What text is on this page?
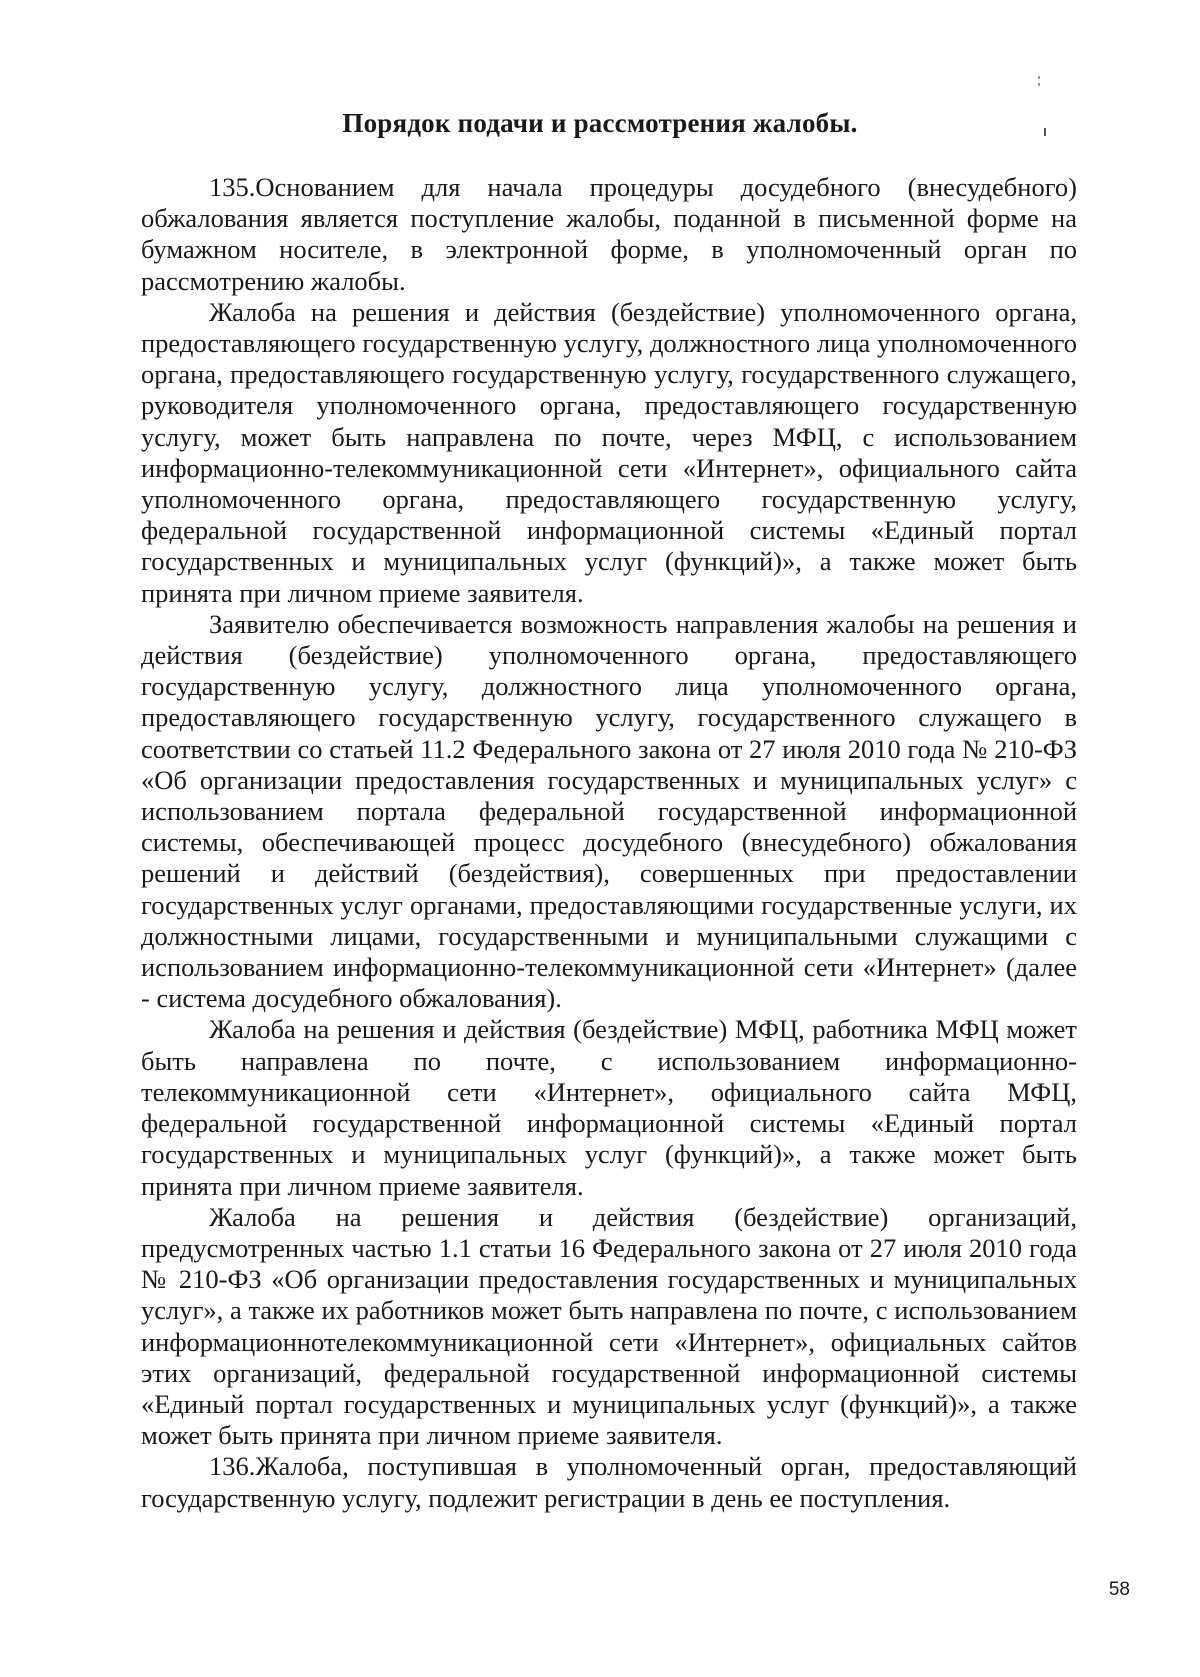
Порядок подачи и рассмотрения жалобы.

135.Основанием для начала процедуры досудебного (внесудебного) обжалования является поступление жалобы, поданной в письменной форме на бумажном носителе, в электронной форме, в уполномоченный орган по рассмотрению жалобы.

Жалоба на решения и действия (бездействие) уполномоченного органа, предоставляющего государственную услугу, должностного лица уполномоченного органа, предоставляющего государственную услугу, государственного служащего, руководителя уполномоченного органа, предоставляющего государственную услугу, может быть направлена по почте, через МФЦ, с использованием информационно-телекоммуникационной сети «Интернет», официального сайта уполномоченного органа, предоставляющего государственную услугу, федеральной государственной информационной системы «Единый портал государственных и муниципальных услуг (функций)», а также может быть принята при личном приеме заявителя.

Заявителю обеспечивается возможность направления жалобы на решения и действия (бездействие) уполномоченного органа, предоставляющего государственную услугу, должностного лица уполномоченного органа, предоставляющего государственную услугу, государственного служащего в соответствии со статьей 11.2 Федерального закона от 27 июля 2010 года № 210-ФЗ «Об организации предоставления государственных и муниципальных услуг» с использованием портала федеральной государственной информационной системы, обеспечивающей процесс досудебного (внесудебного) обжалования решений и действий (бездействия), совершенных при предоставлении государственных услуг органами, предоставляющими государственные услуги, их должностными лицами, государственными и муниципальными служащими с использованием информационно-телекоммуникационной сети «Интернет» (далее - система досудебного обжалования).

Жалоба на решения и действия (бездействие) МФЦ, работника МФЦ может быть направлена по почте, с использованием информационно-телекоммуникационной сети «Интернет», официального сайта МФЦ, федеральной государственной информационной системы «Единый портал государственных и муниципальных услуг (функций)», а также может быть принята при личном приеме заявителя.

Жалоба на решения и действия (бездействие) организаций, предусмотренных частью 1.1 статьи 16 Федерального закона от 27 июля 2010 года № 210-ФЗ «Об организации предоставления государственных и муниципальных услуг», а также их работников может быть направлена по почте, с использованием информационнотелекоммуникационной сети «Интернет», официальных сайтов этих организаций, федеральной государственной информационной системы «Единый портал государственных и муниципальных услуг (функций)», а также может быть принята при личном приеме заявителя.

136.Жалоба, поступившая в уполномоченный орган, предоставляющий государственную услугу, подлежит регистрации в день ее поступления.

58
